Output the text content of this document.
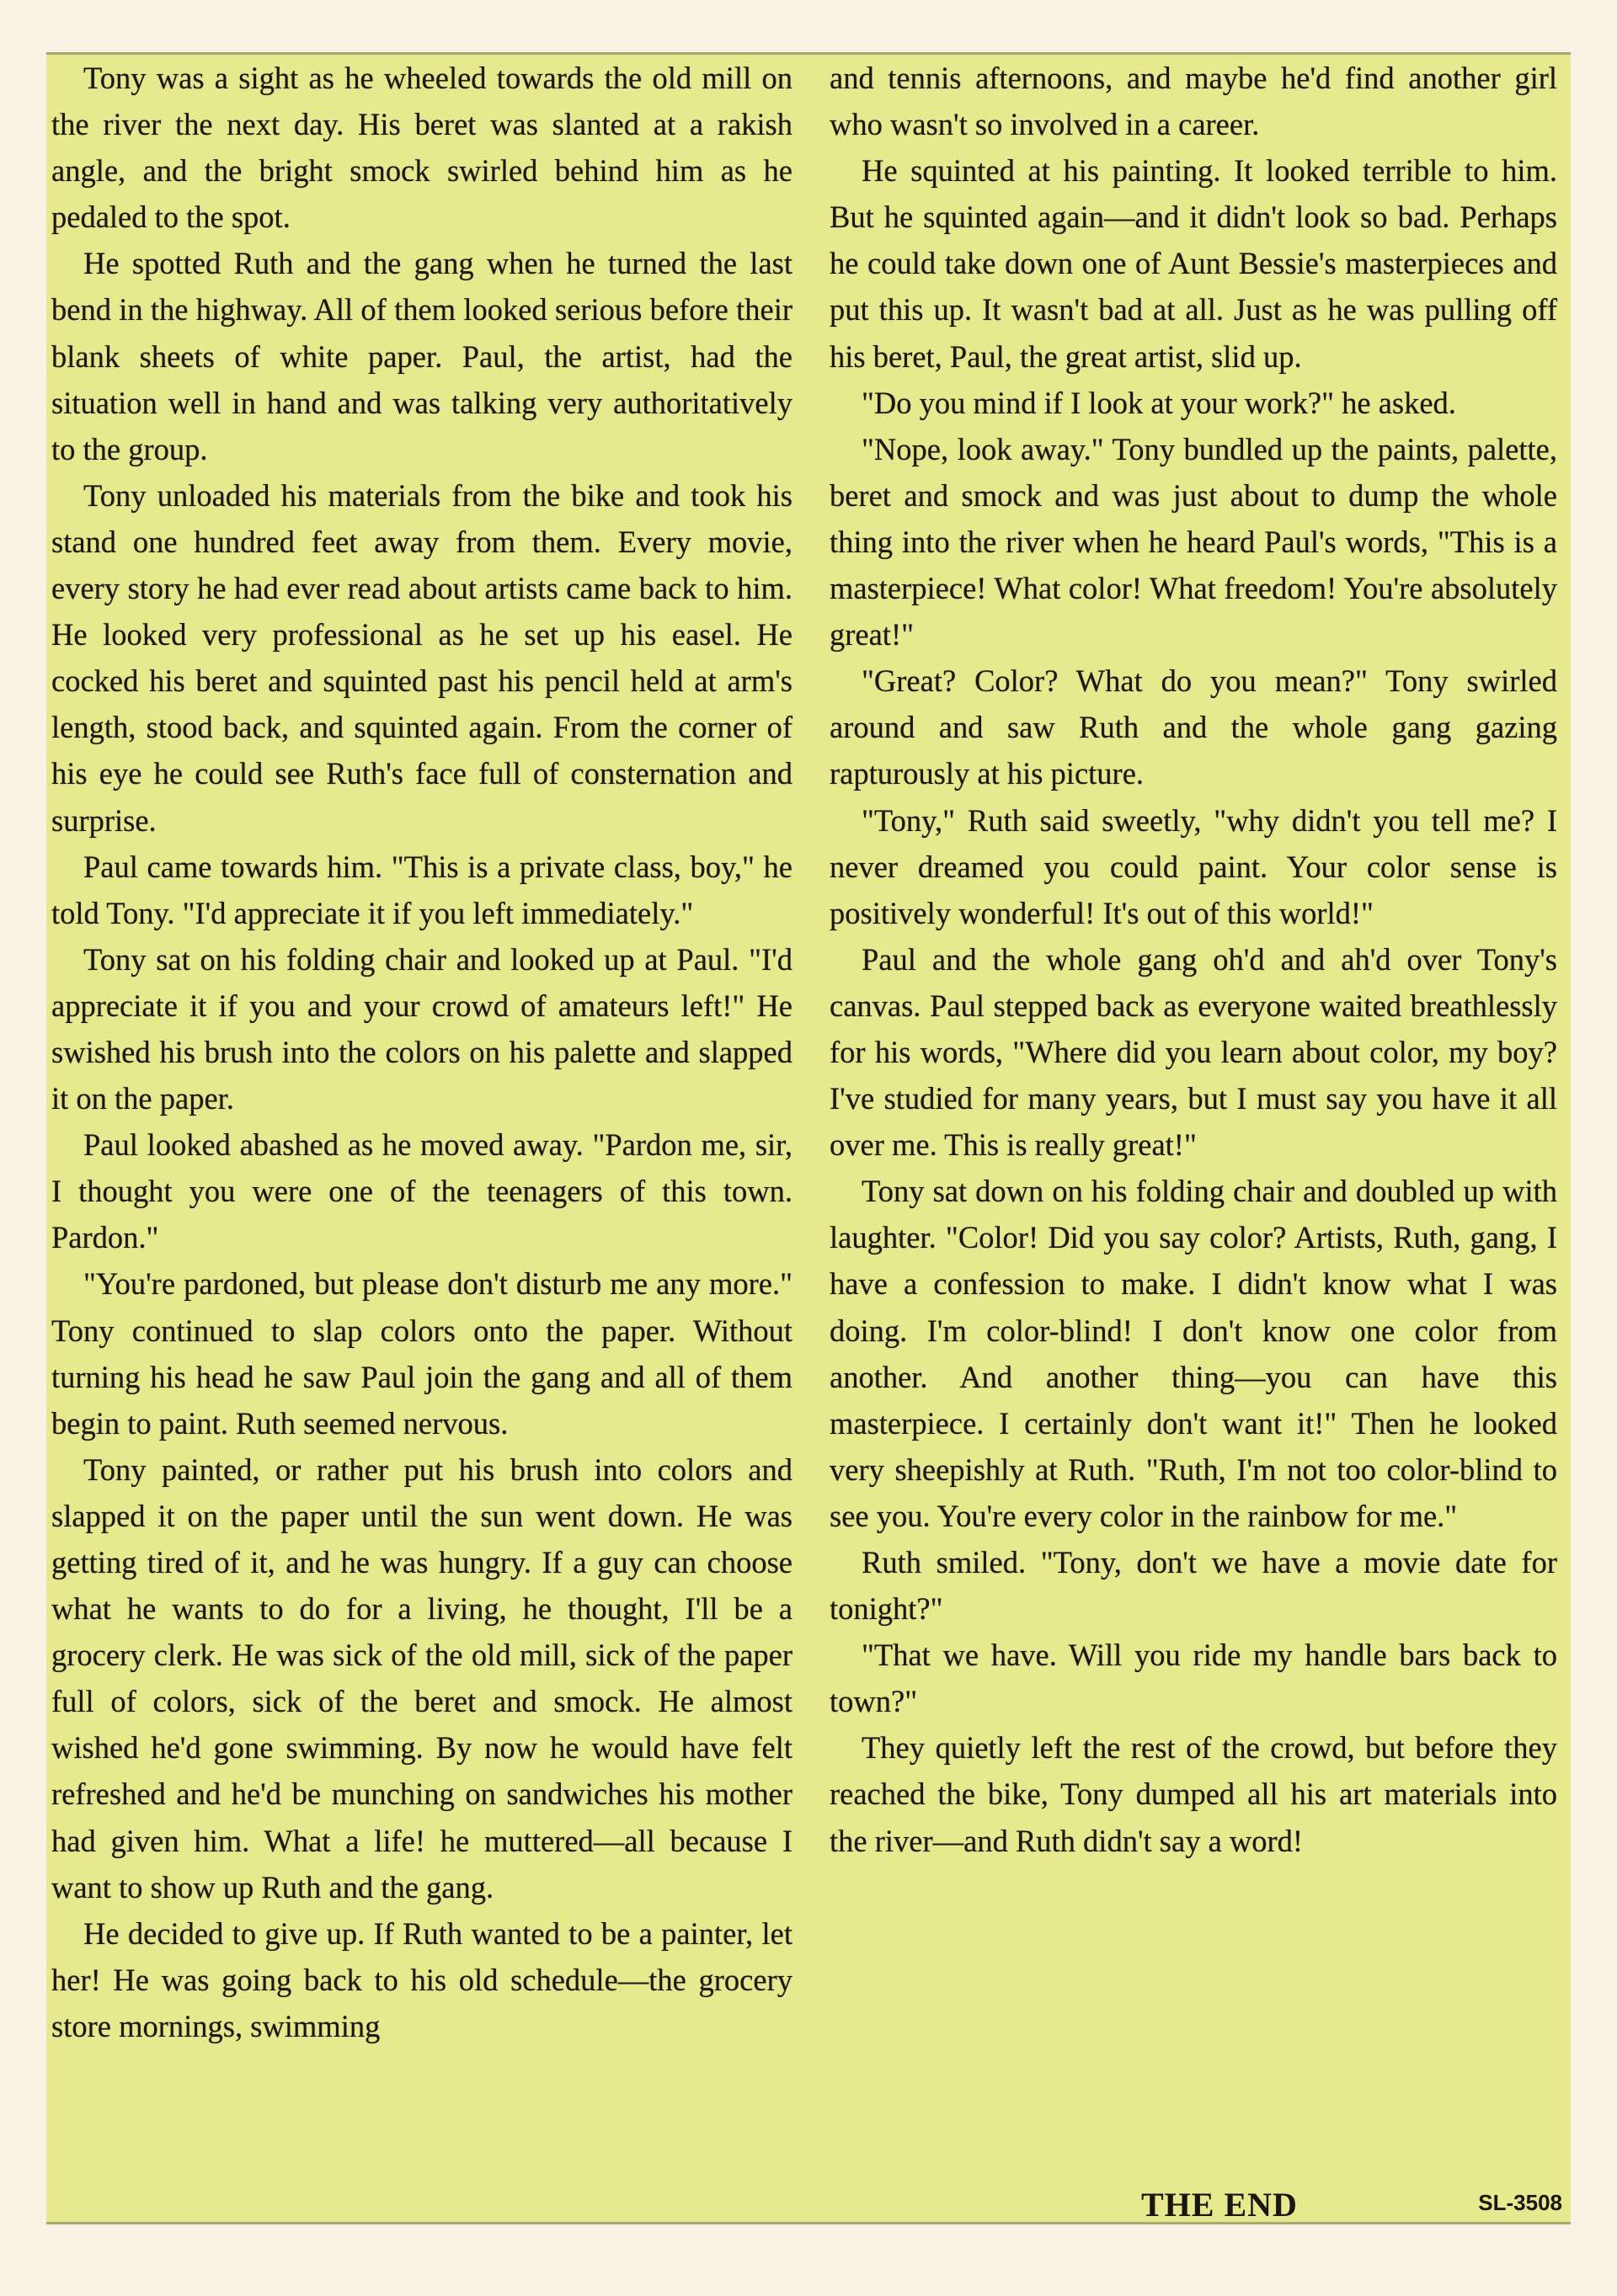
Tony was a sight as he wheeled towards the old mill on the river the next day. His beret was slanted at a rakish angle, and the bright smock swirled behind him as he pedaled to the spot.

He spotted Ruth and the gang when he turned the last bend in the highway. All of them looked serious before their blank sheets of white paper. Paul, the artist, had the situation well in hand and was talking very authoritatively to the group.

Tony unloaded his materials from the bike and took his stand one hundred feet away from them. Every movie, every story he had ever read about artists came back to him. He looked very professional as he set up his easel. He cocked his beret and squinted past his pencil held at arm's length, stood back, and squinted again. From the corner of his eye he could see Ruth's face full of consternation and surprise.

Paul came towards him. "This is a private class, boy," he told Tony. "I'd appreciate it if you left immediately."

Tony sat on his folding chair and looked up at Paul. "I'd appreciate it if you and your crowd of amateurs left!" He swished his brush into the colors on his palette and slapped it on the paper.

Paul looked abashed as he moved away. "Pardon me, sir, I thought you were one of the teenagers of this town. Pardon."

"You're pardoned, but please don't disturb me any more." Tony continued to slap colors onto the paper. Without turning his head he saw Paul join the gang and all of them begin to paint. Ruth seemed nervous.

Tony painted, or rather put his brush into colors and slapped it on the paper until the sun went down. He was getting tired of it, and he was hungry. If a guy can choose what he wants to do for a living, he thought, I'll be a grocery clerk. He was sick of the old mill, sick of the paper full of colors, sick of the beret and smock. He almost wished he'd gone swimming. By now he would have felt refreshed and he'd be munching on sandwiches his mother had given him. What a life! he muttered—all because I want to show up Ruth and the gang.

He decided to give up. If Ruth wanted to be a painter, let her! He was going back to his old schedule—the grocery store mornings, swimming

and tennis afternoons, and maybe he'd find another girl who wasn't so involved in a career.

He squinted at his painting. It looked terrible to him. But he squinted again—and it didn't look so bad. Perhaps he could take down one of Aunt Bessie's masterpieces and put this up. It wasn't bad at all. Just as he was pulling off his beret, Paul, the great artist, slid up.

"Do you mind if I look at your work?" he asked.

"Nope, look away." Tony bundled up the paints, palette, beret and smock and was just about to dump the whole thing into the river when he heard Paul's words, "This is a masterpiece! What color! What freedom! You're absolutely great!"

"Great? Color? What do you mean?" Tony swirled around and saw Ruth and the whole gang gazing rapturously at his picture.

"Tony," Ruth said sweetly, "why didn't you tell me? I never dreamed you could paint. Your color sense is positively wonderful! It's out of this world!"

Paul and the whole gang oh'd and ah'd over Tony's canvas. Paul stepped back as everyone waited breathlessly for his words, "Where did you learn about color, my boy? I've studied for many years, but I must say you have it all over me. This is really great!"

Tony sat down on his folding chair and doubled up with laughter. "Color! Did you say color? Artists, Ruth, gang, I have a confession to make. I didn't know what I was doing. I'm color-blind! I don't know one color from another. And another thing—you can have this masterpiece. I certainly don't want it!" Then he looked very sheepishly at Ruth. "Ruth, I'm not too color-blind to see you. You're every color in the rainbow for me."

Ruth smiled. "Tony, don't we have a movie date for tonight?"

"That we have. Will you ride my handle bars back to town?"

They quietly left the rest of the crowd, but before they reached the bike, Tony dumped all his art materials into the river—and Ruth didn't say a word!

THE END	SL-3508
